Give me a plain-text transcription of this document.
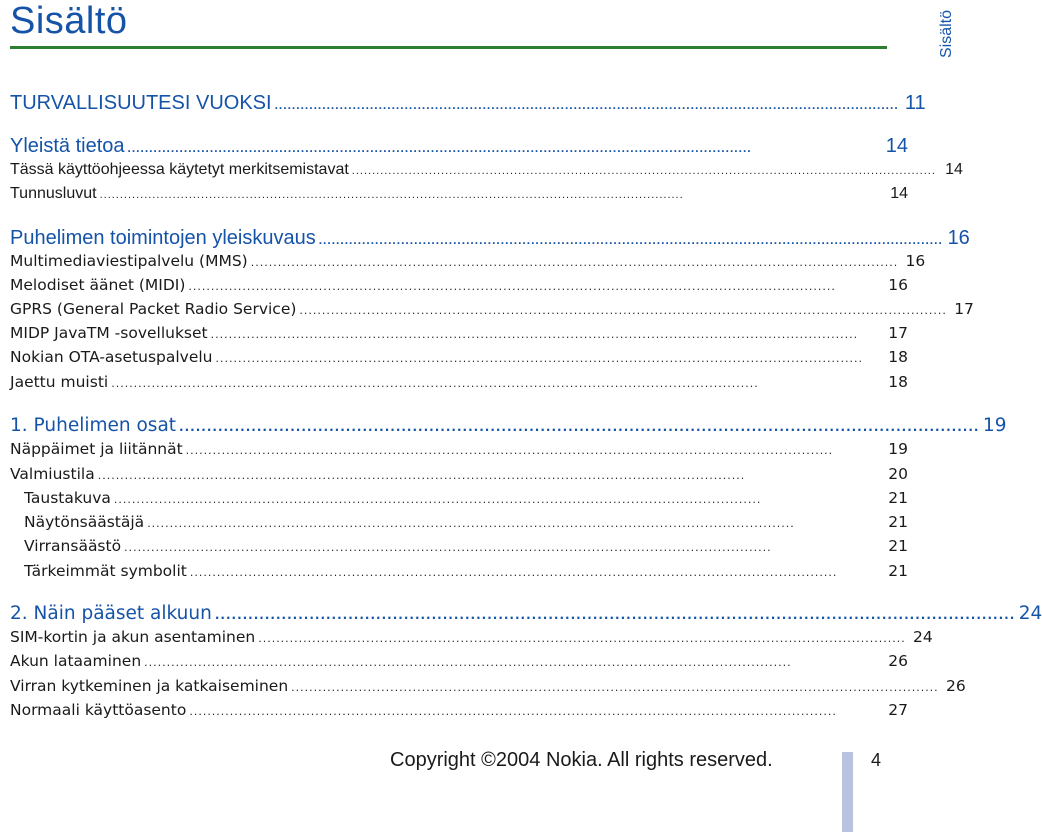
Sisältö	Sisältö
TURVALLISUUTESI VUOKSI ................................................................................................................................................ 11
Yleistä tietoa ................................................................................................................................................	14
Tässä käyttöohjeessa käytetyt merkitsemistavat ................................................................................................................................................ 14
Tunnusluvut ................................................................................................................................................	14
Puhelimen toimintojen yleiskuvaus ................................................................................................................................................ 16
Multimediaviestipalvelu (MMS) ................................................................................................................................................ 16
Melodiset äänet (MIDI) ................................................................................................................................................	16
GPRS (General Packet Radio Service) ................................................................................................................................................ 17
MIDP JavaTM -sovellukset ................................................................................................................................................	17
Nokian OTA-asetuspalvelu ................................................................................................................................................	18
Jaettu muisti ................................................................................................................................................	18
1. Puhelimen osat ................................................................................................................................................ 19
Näppäimet ja liitännät ................................................................................................................................................	19
Valmiustila ................................................................................................................................................	20
Taustakuva ................................................................................................................................................	21
Näytönsäästäjä ................................................................................................................................................	21
Virransäästö ................................................................................................................................................	21
Tärkeimmät symbolit ................................................................................................................................................	21
2. Näin pääset alkuun ................................................................................................................................................ 24
SIM-kortin ja akun asentaminen ................................................................................................................................................ 24
Akun lataaminen ................................................................................................................................................	26
Virran kytkeminen ja katkaiseminen ................................................................................................................................................ 26
Normaali käyttöasento ................................................................................................................................................	27
Copyright ©2004 Nokia. All rights reserved.	4
